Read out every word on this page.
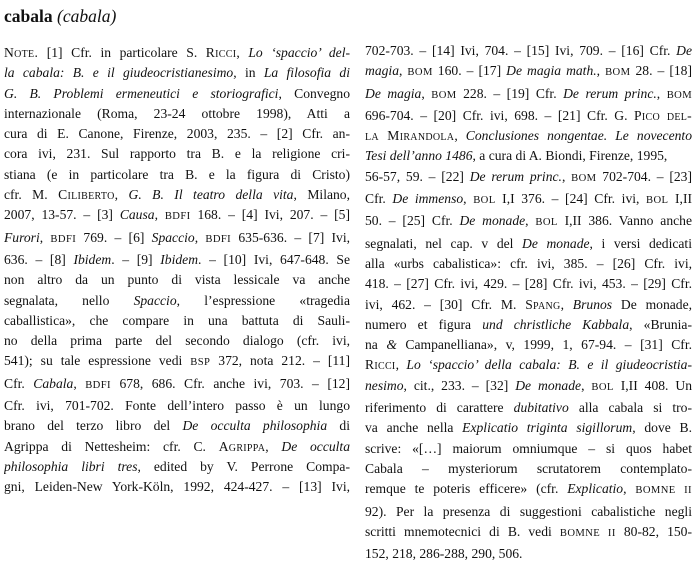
cabala (cabala)
Note. [1] Cfr. in particolare S. Ricci, Lo ‘spaccio’ del-
la cabala: B. e il giudeocristianesimo, in La filosofia di
G. B. Problemi ermeneutici e storiografici, Convegno
internazionale (Roma, 23-24 ottobre 1998), Atti a
cura di E. Canone, Firenze, 2003, 235. – [2] Cfr. an-
cora ivi, 231. Sul rapporto tra B. e la religione cri-
stiana (e in particolare tra B. e la figura di Cristo)
cfr. M. Ciliberto, G. B. Il teatro della vita, Milano,
2007, 13-57. – [3] Causa, BDFI 168. – [4] Ivi, 207. – [5]
Furori, BDFI 769. – [6] Spaccio, BDFI 635-636. – [7] Ivi,
636. – [8] Ibidem. – [9] Ibidem. – [10] Ivi, 647-648. Se
non altro da un punto di vista lessicale va anche
segnalata, nello Spaccio, l’espressione «tragedia
caballistica», che compare in una battuta di Sauli-
no della prima parte del secondo dialogo (cfr. ivi,
541); su tale espressione vedi BSP 372, nota 212. – [11]
Cfr. Cabala, BDFI 678, 686. Cfr. anche ivi, 703. – [12]
Cfr. ivi, 701-702. Fonte dell’intero passo è un lungo
brano del terzo libro del De occulta philosophia di
Agrippa di Nettesheim: cfr. C. Agrippa, De occulta
philosophia libri tres, edited by V. Perrone Compa-
gni, Leiden-New York-Köln, 1992, 424-427. – [13] Ivi,
702-703. – [14] Ivi, 704. – [15] Ivi, 709. – [16] Cfr. De
magia, BOM 160. – [17] De magia math., BOM 28. – [18]
De magia, BOM 228. – [19] Cfr. De rerum princ., BOM
696-704. – [20] Cfr. ivi, 698. – [21] Cfr. G. Pico del-
la Mirandola, Conclusiones nongentae. Le novecento
Tesi dell’anno 1486, a cura di A. Biondi, Firenze, 1995,
56-57, 59. – [22] De rerum princ., BOM 702-704. – [23]
Cfr. De immenso, BOL I,I 376. – [24] Cfr. ivi, BOL I,II
50. – [25] Cfr. De monade, BOL I,II 386. Vanno anche
segnalati, nel cap. v del De monade, i versi dedicati
alla «urbs cabalistica»: cfr. ivi, 385. – [26] Cfr. ivi,
418. – [27] Cfr. ivi, 429. – [28] Cfr. ivi, 453. – [29] Cfr.
ivi, 462. – [30] Cfr. M. Spang, Brunos De monade,
numero et figura und christliche Kabbala, «Brunia-
na & Campanelliana», v, 1999, 1, 67-94. – [31] Cfr.
Ricci, Lo ‘spaccio’ della cabala: B. e il giudeocristia-
nesimo, cit., 233. – [32] De monade, BOL I,II 408. Un
riferimento di carattere dubitativo alla cabala si tro-
va anche nella Explicatio triginta sigillorum, dove B.
scrive: «[…] maiorum omniumque – si quos habet
Cabala – mysteriorum scrutatorem contemplato-
remque te poteris efficere» (cfr. Explicatio, BOMNE II
92). Per la presenza di suggestioni cabalistiche negli
scritti mnemotecnici di B. vedi BOMNE II 80-82, 150-
152, 218, 286-288, 290, 506.
